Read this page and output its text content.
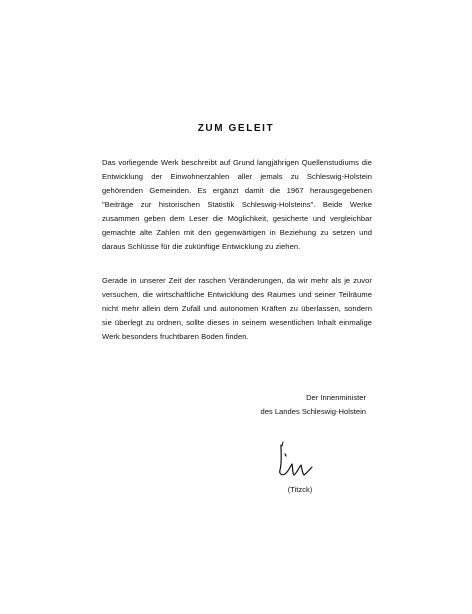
ZUM GELEIT

Das vorliegende Werk beschreibt auf Grund langjährigen Quellenstudiums die Entwicklung der Einwohnerzahlen aller jemals zu Schleswig-Holstein gehörenden Gemeinden. Es ergänzt damit die 1967 herausgegebenen "Beiträge zur historischen Statistik Schleswig-Holsteins". Beide Werke zusammen geben dem Leser die Möglichkeit, gesicherte und vergleichbar gemachte alte Zahlen mit den gegenwärtigen in Beziehung zu setzen und daraus Schlüsse für die zukünftige Entwicklung zu ziehen.

Gerade in unserer Zeit der raschen Veränderungen, da wir mehr als je zuvor versuchen, die wirtschaftliche Entwicklung des Raumes und seiner Teilräume nicht mehr allein dem Zufall und autonomen Kräften zu überlassen, sondern sie überlegt zu ordnen, sollte dieses in seinem wesentlichen Inhalt einmalige Werk besonders fruchtbaren Boden finden.

Der Innenminister
des Landes Schleswig-Holstein
(Titzck)
